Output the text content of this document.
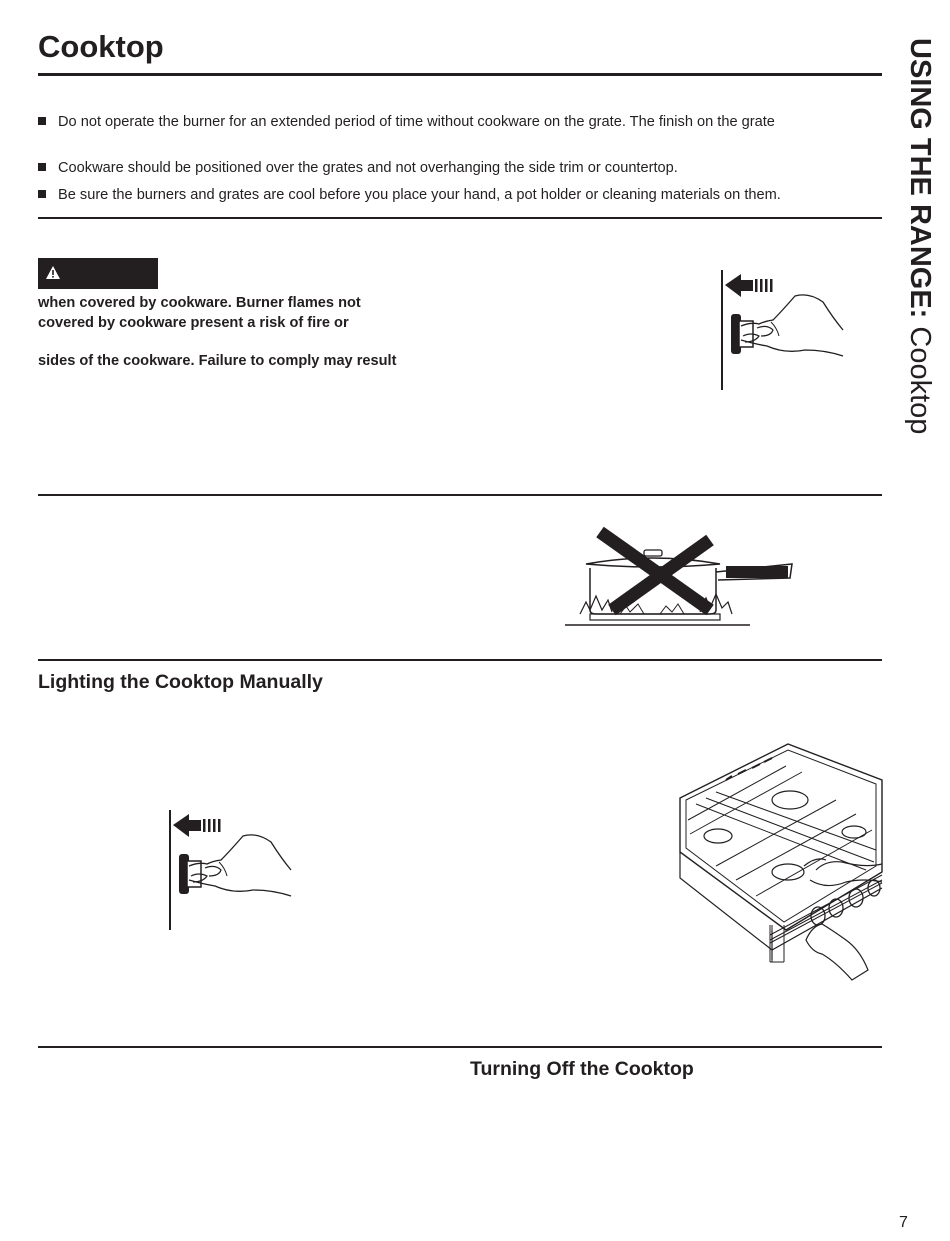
Cooktop
Do not operate the burner for an extended period of time without cookware on the grate. The finish on the grate
Cookware should be positioned over the grates and not overhanging the side trim or countertop.
Be sure the burners and grates are cool before you place your hand, a pot holder or cleaning materials on them.
when covered by cookware. Burner flames not
covered by cookware present a risk of fire or
sides of the cookware. Failure to comply may result
Lighting the Cooktop Manually
Turning Off the Cooktop
USING THE RANGE: Cooktop
7
